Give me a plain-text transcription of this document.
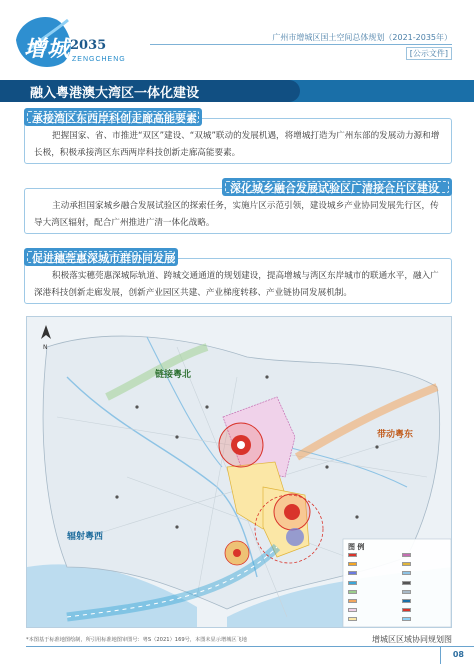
增城 2035
ZENGCHENG
广州市增城区国土空间总体规划（2021-2035年）
[公示文件]
融入粤港澳大湾区一体化建设
承接湾区东西岸科创走廊高能要素
把握国家、省、市推进“双区”建设、“双城”联动的发展机遇，将增城打造为广州东部的发展动力源和增长极，积极承接湾区东西两岸科技创新走廊高能要素。
深化城乡融合发展试验区广清接合片区建设
主动承担国家城乡融合发展试验区的探索任务，实施片区示范引领，建设城乡产业协同发展先行区，传导大湾区辐射，配合广州推进广清一体化战略。
促进穗莞惠深城市群协同发展
积极落实穗莞惠深城际轨道、跨城交通通道的规划建设，提高增城与湾区东岸城市的联通水平，融入广深港科技创新走廊发展，创新产业园区共建、产业梯度转移、产业链协同发展机制。
链接粤北
带动粤东
辐射粤西
N
图 例
增城区区域协同规划图
*本图基于标准地图绘制，所引用标准地图审图号：粤S（2021）169号，本图未显示增城区飞地
08
